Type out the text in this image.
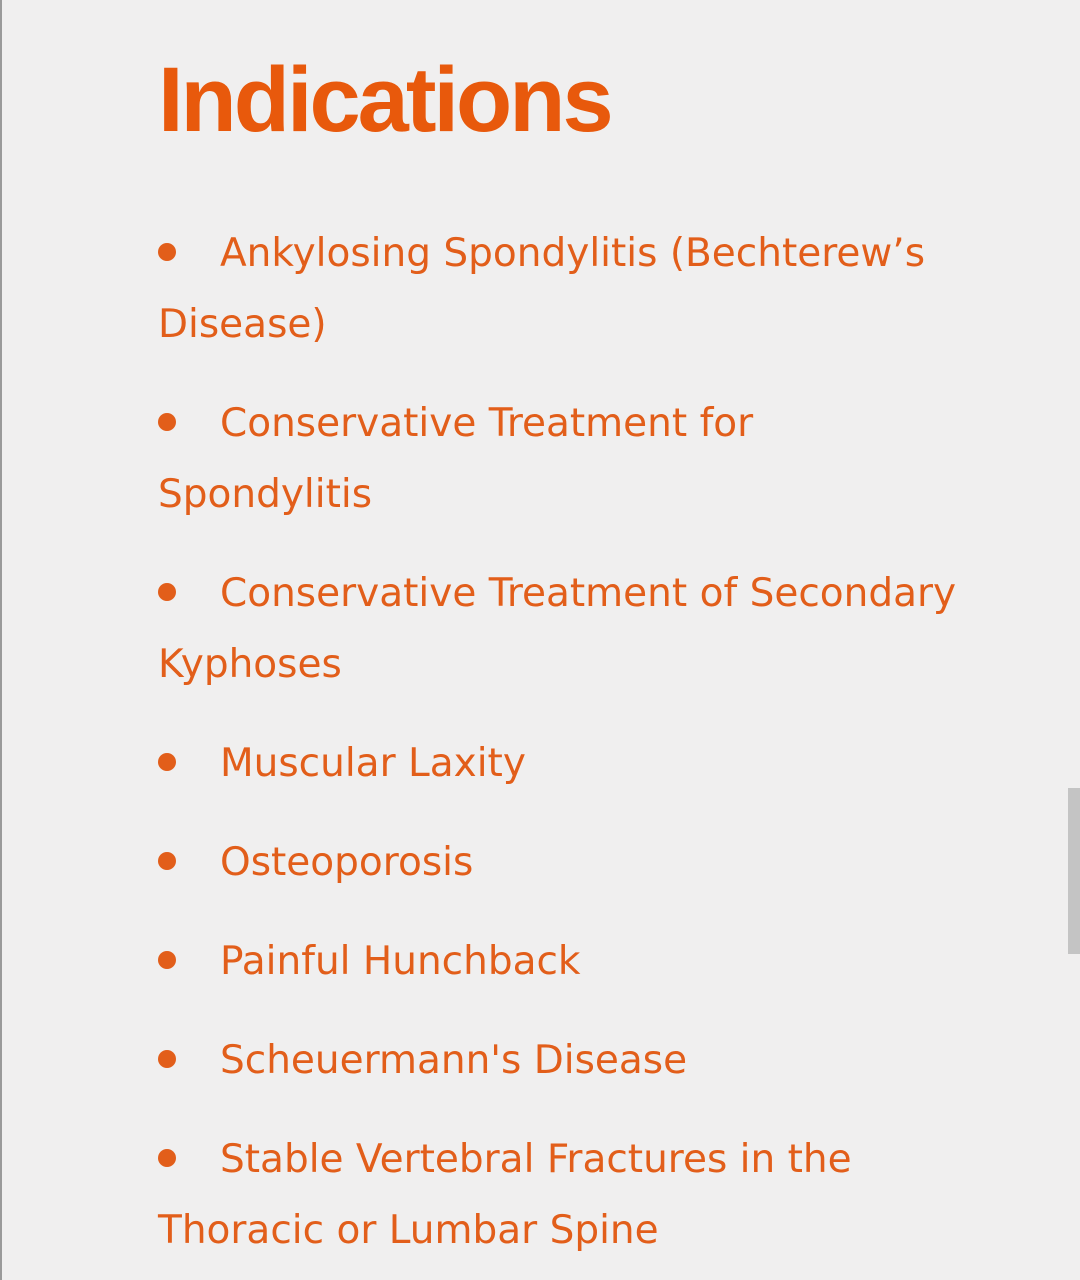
Indications
Ankylosing Spondylitis (Bechterew’s Disease)
Conservative Treatment for Spondylitis
Conservative Treatment of Secondary Kyphoses
Muscular Laxity
Osteoporosis
Painful Hunchback
Scheuermann's Disease
Stable Vertebral Fractures in the Thoracic or Lumbar Spine
